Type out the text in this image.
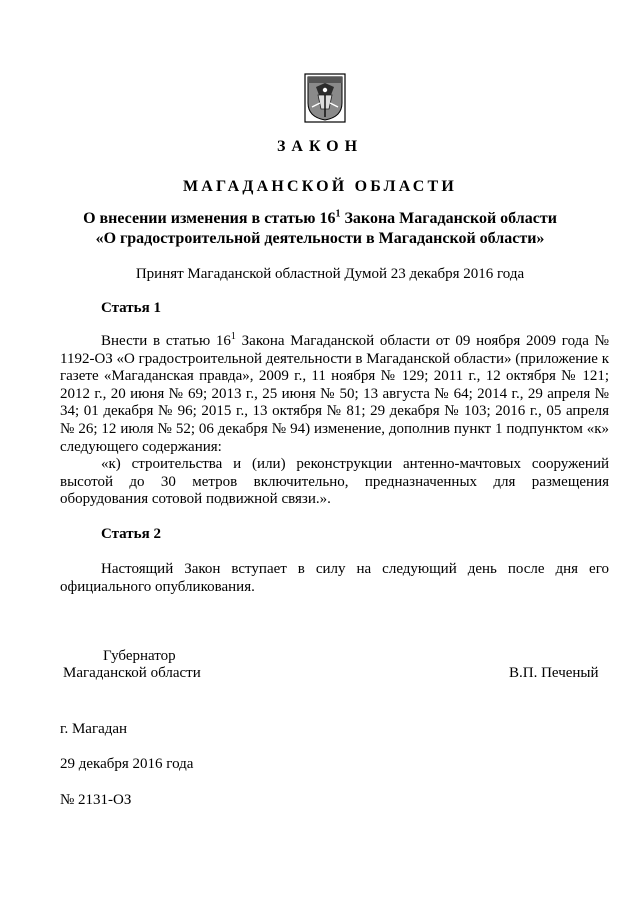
ЗАКОН
МАГАДАНСКОЙ ОБЛАСТИ
О внесении изменения в статью $16^1$ Закона Магаданской области
«О градостроительной деятельности в Магаданской области»
Принят Магаданской областной Думой 23 декабря 2016 года
Статья 1

Внести в статью $16^1$ Закона Магаданской области от 09 ноября 2009 года № 1192-ОЗ «О градостроительной деятельности в Магаданской области» (приложение к газете «Магаданская правда», 2009 г., 11 ноября № 129; 2011 г., 12 октября № 121; 2012 г., 20 июня № 69; 2013 г., 25 июня № 50; 13 августа № 64; 2014 г., 29 апреля № 34; 01 декабря № 96; 2015 г., 13 октября № 81; 29 декабря № 103; 2016 г., 05 апреля № 26; 12 июля № 52; 06 декабря № 94) изменение, дополнив пункт 1 подпунктом «к» следующего содержания:

«к) строительства и (или) реконструкции антенно-мачтовых сооружений высотой до 30 метров включительно, предназначенных для размещения оборудования сотовой подвижной связи.».

Статья 2

Настоящий Закон вступает в силу на следующий день после дня его официального опубликования.

Губернатор
Магаданской области	В.П. Печеный
г. Магадан
29 декабря 2016 года
№ 2131-ОЗ
